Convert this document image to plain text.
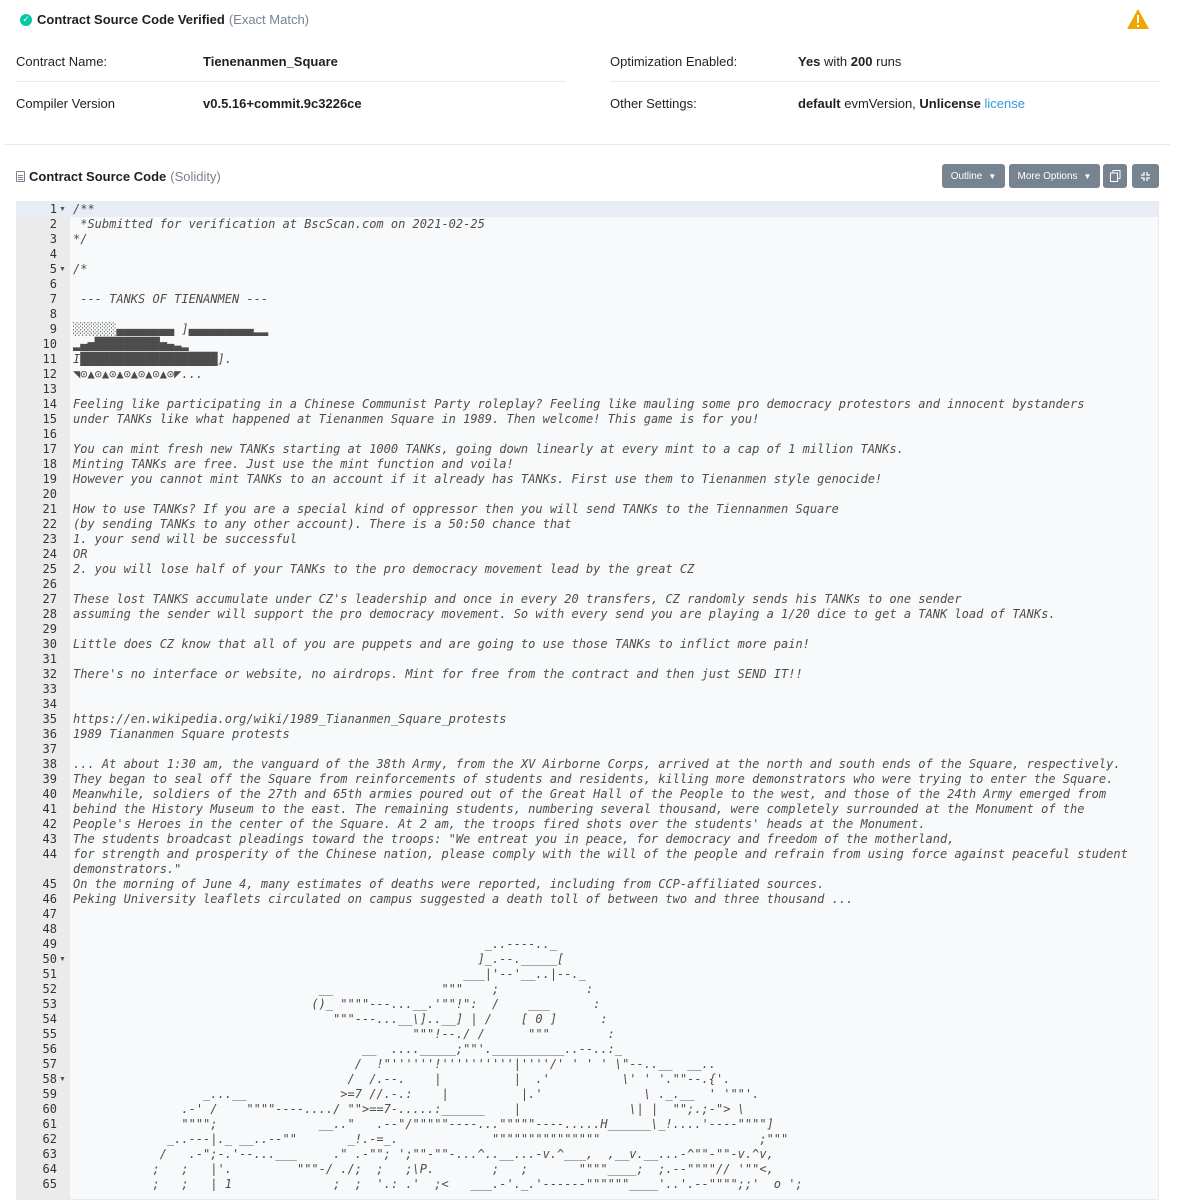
✓ Contract Source Code Verified (Exact Match)
Contract Name:	Tienenanmen_Square
Compiler Version	v0.5.16+commit.9c3226ce
Optimization Enabled:	Yes with 200 runs
Other Settings:	default evmVersion, Unlicense license
Contract Source Code (Solidity)	Outline ▼ More Options ▼
1 ▼ /**
2 *Submitted for verification at BscScan.com on 2021-02-25
3 */
4
5 ▼ /*
6
7 --- TANKS OF TIENANMEN ---
8
9 ░░░░░░▄▄▄▄▄▄▄▄ ]▄▄▄▄▄▄▄▄▄▂▂
10 ▂▄▅█████████▅▄▃▂
11 I███████████████████].
12 ◥⊙▲⊙▲⊙▲⊙▲⊙▲⊙▲⊙◤...
13
14 Feeling like participating in a Chinese Communist Party roleplay? Feeling like mauling some pro democracy protestors and innocent bystanders
15 under TANKs like what happened at Tienanmen Square in 1989. Then welcome! This game is for you!
16
17 You can mint fresh new TANKs starting at 1000 TANKs, going down linearly at every mint to a cap of 1 million TANKs.
18 Minting TANKs are free. Just use the mint function and voila!
19 However you cannot mint TANKs to an account if it already has TANKs. First use them to Tienanmen style genocide!
20
21 How to use TANKs? If you are a special kind of oppressor then you will send TANKs to the Tiennanmen Square
22 (by sending TANKs to any other account). There is a 50:50 chance that
23 1. your send will be successful
24 OR
25 2. you will lose half of your TANKs to the pro democracy movement lead by the great CZ
26
27 These lost TANKS accumulate under CZ's leadership and once in every 20 transfers, CZ randomly sends his TANKs to one sender
28 assuming the sender will support the pro democracy movement. So with every send you are playing a 1/20 dice to get a TANK load of TANKs.
29
30 Little does CZ know that all of you are puppets and are going to use those TANKs to inflict more pain!
31
32 There's no interface or website, no airdrops. Mint for free from the contract and then just SEND IT!!
33
34
35 https://en.wikipedia.org/wiki/1989_Tiananmen_Square_protests
36 1989 Tiananmen Square protests
37
38 ... At about 1:30 am, the vanguard of the 38th Army, from the XV Airborne Corps, arrived at the north and south ends of the Square, respectively.
39 They began to seal off the Square from reinforcements of students and residents, killing more demonstrators who were trying to enter the Square.
40 Meanwhile, soldiers of the 27th and 65th armies poured out of the Great Hall of the People to the west, and those of the 24th Army emerged from
41 behind the History Museum to the east. The remaining students, numbering several thousand, were completely surrounded at the Monument of the
42 People's Heroes in the center of the Square. At 2 am, the troops fired shots over the students' heads at the Monument.
43 The students broadcast pleadings toward the troops: "We entreat you in peace, for democracy and freedom of the motherland,
44 for strength and prosperity of the Chinese nation, please comply with the will of the people and refrain from using force against peaceful student
demonstrators."
45 On the morning of June 4, many estimates of deaths were reported, including from CCP-affiliated sources.
46 Peking University leaflets circulated on campus suggested a death toll of between two and three thousand ...
47
48
49 _..----.._
50 ▼ ]_.--._____[
51 ___|'--'__..|--._
52 __               """    ;            :
53 ()_ """"---...__.'""!":  /    ___      :
54 """---...__\]..__] | /    [ 0 ]      :
55 """!--./ /      """        :
56 __  ...._____;""'.__________..--..:_
57 /  !"''''''!''''''''''|''''/' ' ' ' \"--..__  __..
58 ▼ /  /.--.    |          |  .'          \' ' '.""--.{'.
59 _...__             >=7 //.-.:    |          |.'              \ ._.__  ' '""'.
60 .-' /    """"----..../ "">==7-.....:______    |               \| |  "";.;-"> \
61 """";              __.."   .--"/"""""----..."""""----.....H______\_!....'----""""]
62 _..---|._ __..--""       _!.-=_.             """""""""""""""                      ;"""
63 /   .-";-.'--...___     ." .-""; ';""-""-...^..__...-v.^___,  ,__v.__...-^""-""-v.^v,
64 ;   ;   |'.         """-/ ./;  ;   ;\P.        ;   ;       """"____;  ;.--""""// '""<,
65 ;   ;   | 1              ;  ;  '.: .'  ;<   ___.-'._.'------""""""____'..'.--"""";;'  o ';
